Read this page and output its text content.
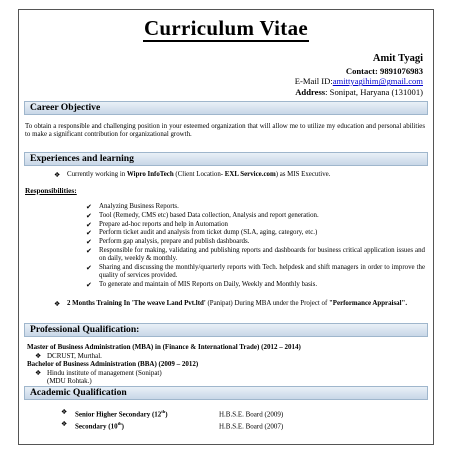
Curriculum Vitae
Amit Tyagi
Contact: 9891076983
E-Mail ID:amittyagihim@gmail.com
Address: Sonipat, Haryana (131001)
Career Objective
To obtain a responsible and challenging position in your esteemed organization that will allow me to utilize my education and personal abilities to make a significant contribution for organizational growth.
Experiences and learning
❖ Currently working in Wipro InfoTech (Client Location- EXL Service.com) as MIS Executive.
Responsibilities:
✔ Analyzing Business Reports.
✔ Tool (Remedy, CMS etc) based Data collection, Analysis and report generation.
✔ Prepare ad-hoc reports and help in Automation
✔ Perform ticket audit and analysis from ticket dump (SLA, aging, category, etc.)
✔ Perform gap analysis, prepare and publish dashboards.
✔ Responsible for making, validating and publishing reports and dashboards for business critical application issues and on daily, weekly & monthly.
✔ Sharing and discussing the monthly/quarterly reports with Tech. helpdesk and shift managers in order to improve the quality of services provided.
✔ To generate and maintain of MIS Reports on Daily, Weekly and Monthly basis.
❖ 2 Months Training In 'The weave Land Pvt.ltd' (Panipat) During MBA under the Project of "Performance Appraisal".
Professional Qualification:
Master of Business Administration (MBA) in (Finance & International Trade) (2012 – 2014)
❖ DCRUST, Murthal.
Bachelor of Business Administration (BBA) (2009 – 2012)
❖ Hindu institute of management (Sonipat)
(MDU Rohtak.)
Academic Qualification
❖ Senior Higher Secondary (12th)	H.B.S.E. Board (2009)
❖ Secondary (10th)	H.B.S.E. Board (2007)
